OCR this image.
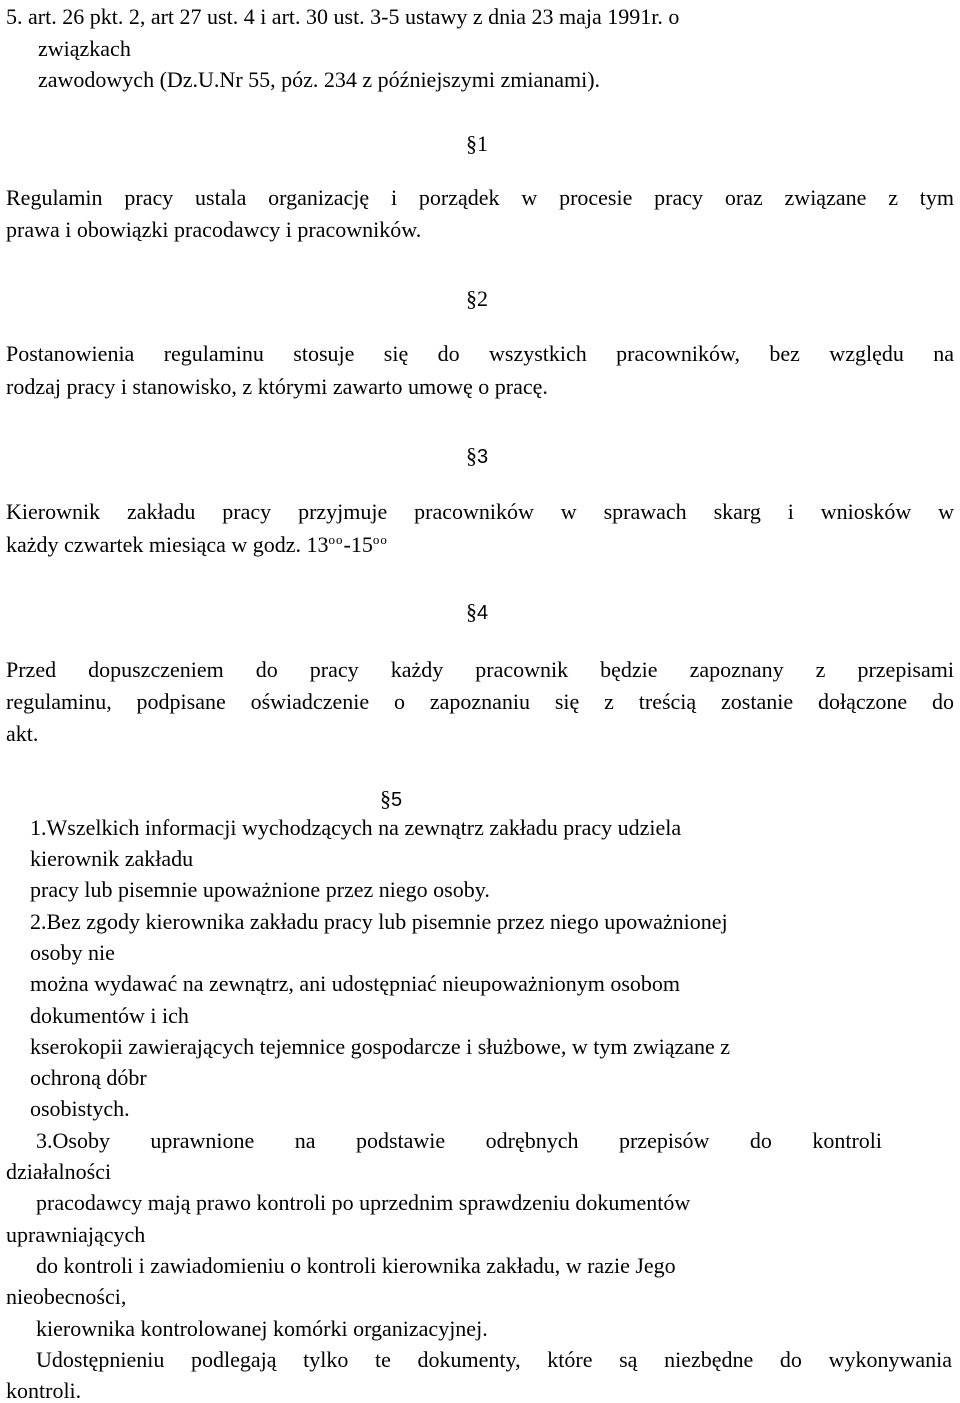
5. art. 26 pkt. 2, art 27 ust. 4 i art. 30 ust. 3-5 ustawy z dnia 23 maja 1991r. o
związkach
zawodowych (Dz.U.Nr 55, póz. 234 z późniejszymi zmianami).
§1
Regulamin pracy ustala organizację i porządek w procesie pracy oraz związane z tym
prawa i obowiązki pracodawcy i pracowników.
§2
Postanowienia regulaminu stosuje się do wszystkich pracowników, bez względu na
rodzaj pracy i stanowisko, z którymi zawarto umowę o pracę.
§3
Kierownik zakładu pracy przyjmuje pracowników w sprawach skarg i wniosków w
każdy czwartek miesiąca w godz. $13^{oo}-15^{oo}$
§4
Przed dopuszczeniem do pracy każdy pracownik będzie zapoznany z przepisami
regulaminu, podpisane oświadczenie o zapoznaniu się z treścią zostanie dołączone do
akt.
§5
1.Wszelkich informacji wychodzących na zewnątrz zakładu pracy udziela
kierownik zakładu
pracy lub pisemnie upoważnione przez niego osoby.
2.Bez zgody kierownika zakładu pracy lub pisemnie przez niego upoważnionej
osoby nie
można wydawać na zewnątrz, ani udostępniać nieupoważnionym osobom
dokumentów i ich
kserokopii zawierających tejemnice gospodarcze i służbowe, w tym związane z
ochroną dóbr
osobistych.
3.Osoby uprawnione na podstawie odrębnych przepisów do kontroli
działalności
pracodawcy mają prawo kontroli po uprzednim sprawdzeniu dokumentów
uprawniających
do kontroli i zawiadomieniu o kontroli kierownika zakładu, w razie Jego
nieobecności,
kierownika kontrolowanej komórki organizacyjnej.
Udostępnieniu podlegają tylko te dokumenty, które są niezbędne do wykonywania
kontroli.
